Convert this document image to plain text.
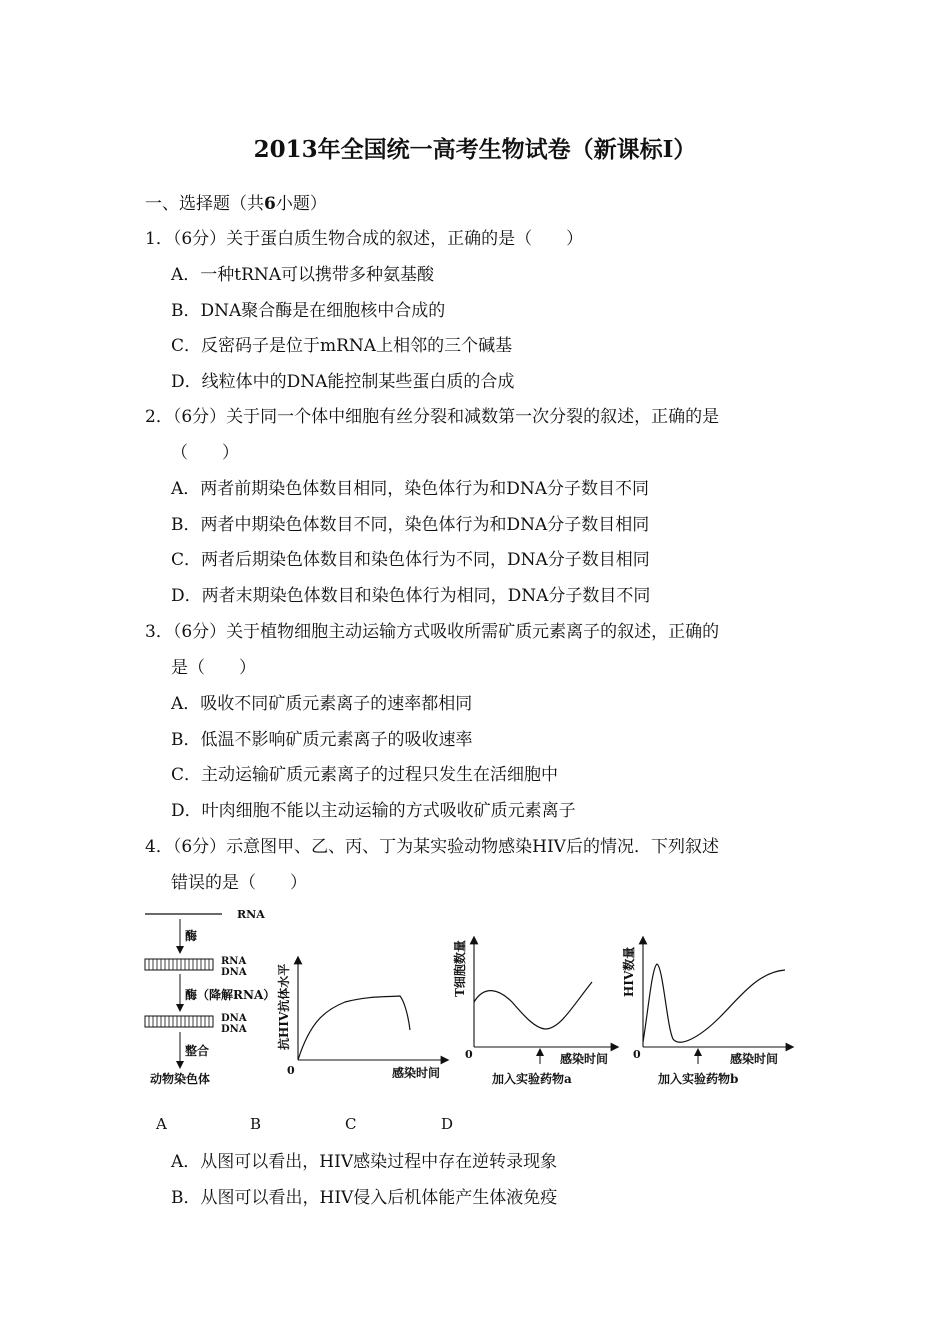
2013年全国统一高考生物试卷（新课标Ⅰ）
一、选择题（共6小题）
1．（6分）关于蛋白质生物合成的叙述，正确的是（　　）
A．一种tRNA可以携带多种氨基酸
B．DNA聚合酶是在细胞核中合成的
C．反密码子是位于mRNA上相邻的三个碱基
D．线粒体中的DNA能控制某些蛋白质的合成
2．（6分）关于同一个体中细胞有丝分裂和减数第一次分裂的叙述，正确的是
（　　）
A．两者前期染色体数目相同，染色体行为和DNA分子数目不同
B．两者中期染色体数目不同，染色体行为和DNA分子数目相同
C．两者后期染色体数目和染色体行为不同，DNA分子数目相同
D．两者末期染色体数目和染色体行为相同，DNA分子数目不同
3．（6分）关于植物细胞主动运输方式吸收所需矿质元素离子的叙述，正确的
是（　　）
A．吸收不同矿质元素离子的速率都相同
B．低温不影响矿质元素离子的吸收速率
C．主动运输矿质元素离子的过程只发生在活细胞中
D．叶肉细胞不能以主动运输的方式吸收矿质元素离子
4．（6分）示意图甲、乙、丙、丁为某实验动物感染HIV后的情况．下列叙述
错误的是（　　）
RNA
酶
RNA
DNA
酶（降解RNA）
DNA
DNA
整合
动物染色体
0	感染时间
抗HIV抗体水平
0	感染时间
加入实验药物a
T细胞数量
0	感染时间
加入实验药物b
HIV数量
A	B	C	D
A．从图可以看出，HIV感染过程中存在逆转录现象
B．从图可以看出，HIV侵入后机体能产生体液免疫
